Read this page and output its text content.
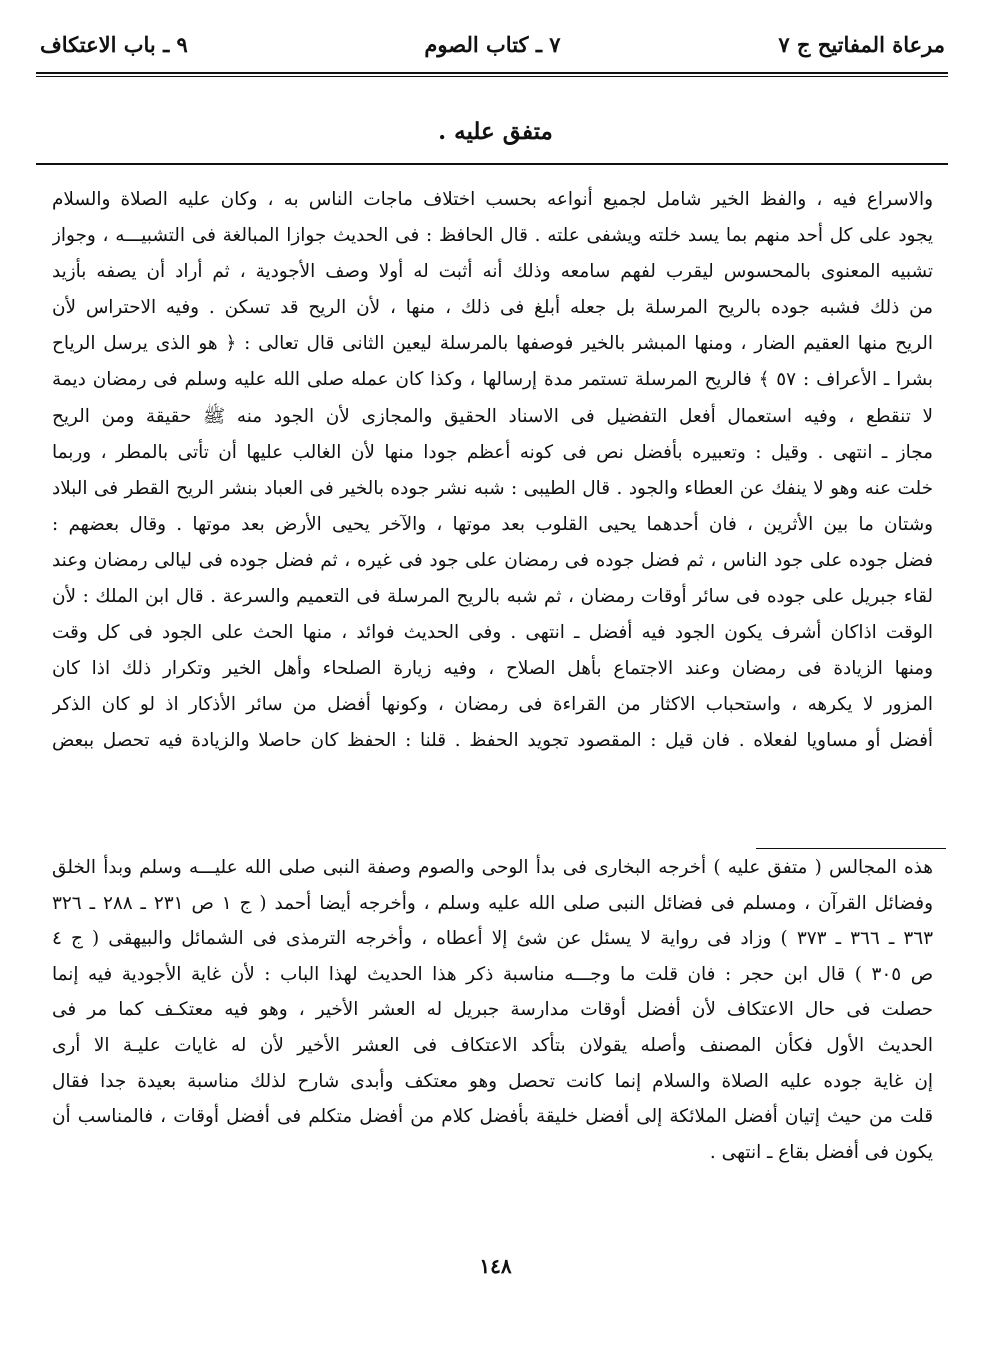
مرعاة المفاتيح ج ٧
٧ ـ كتاب الصوم
٩ ـ باب الاعتكاف
متفق عليه .
والاسراع فيه ، والفظ الخير شامل لجميع أنواعه بحسب اختلاف ماجات الناس به ، وكان عليه الصلاة والسلام
يجود على كل أحد منهم بما يسد خلته ويشفى علته . قال الحافظ : فى الحديث جوازا المبالغة فى التشبيـــه ، وجواز
تشبيه المعنوى بالمحسوس ليقرب لفهم سامعه وذلك أنه أثبت له أولا وصف الأجودية ، ثم أراد أن يصفه بأزيد
من ذلك فشبه جوده بالريح المرسلة بل جعله أبلغ فى ذلك ، منها ، لأن الريح قد تسكن . وفيه الاحتراس لأن
الريح منها العقيم الضار ، ومنها المبشر بالخير فوصفها بالمرسلة ليعين الثانى قال تعالى : ﴿ هو الذى يرسل الرياح
بشرا ـ الأعراف : ٥٧ ﴾ فالريح المرسلة تستمر مدة إرسالها ، وكذا كان عمله صلى الله عليه وسلم فى رمضان ديمة
لا تنقطع ، وفيه استعمال أفعل التفضيل فى الاسناد الحقيق والمجازى لأن الجود منه ﷺ حقيقة ومن الريح
مجاز ـ انتهى . وقيل : وتعبيره بأفضل نص فى كونه أعظم جودا منها لأن الغالب عليها أن تأتى بالمطر ، وربما
خلت عنه وهو لا ينفك عن العطاء والجود . قال الطيبى : شبه نشر جوده بالخير فى العباد بنشر الريح القطر فى البلاد
وشتان ما بين الأثرين ، فان أحدهما يحيى القلوب بعد موتها ، والآخر يحيى الأرض بعد موتها . وقال بعضهم :
فضل جوده على جود الناس ، ثم فضل جوده فى رمضان على جود فى غيره ، ثم فضل جوده فى ليالى رمضان وعند
لقاء جبريل على جوده فى سائر أوقات رمضان ، ثم شبه بالريح المرسلة فى التعميم والسرعة . قال ابن الملك : لأن
الوقت اذاكان أشرف يكون الجود فيه أفضل ـ انتهى . وفى الحديث فوائد ، منها الحث على الجود فى كل وقت
ومنها الزيادة فى رمضان وعند الاجتماع بأهل الصلاح ، وفيه زيارة الصلحاء وأهل الخير وتكرار ذلك اذا كان
المزور لا يكرهه ، واستحباب الاكثار من القراءة فى رمضان ، وكونها أفضل من سائر الأذكار اذ لو كان الذكر
أفضل أو مساويا لفعلاه . فان قيل : المقصود تجويد الحفظ . قلنا : الحفظ كان حاصلا والزيادة فيه تحصل ببعض
هذه المجالس ( متفق عليه ) أخرجه البخارى فى بدأ الوحى والصوم وصفة النبى صلى الله عليـــه وسلم وبدأ الخلق
وفضائل القرآن ، ومسلم فى فضائل النبى صلى الله عليه وسلم ، وأخرجه أيضا أحمد ( ج ١ ص ٢٣١ ـ ٢٨٨ ـ ٣٢٦
٣٦٣ ـ ٣٦٦ ـ ٣٧٣ ) وزاد فى رواية لا يسئل عن شئ إلا أعطاه ، وأخرجه الترمذى فى الشمائل والبيهقى ( ج ٤
ص ٣٠٥ ) قال ابن حجر : فان قلت ما وجـــه مناسبة ذكر هذا الحديث لهذا الباب : لأن غاية الأجودية فيه إنما
حصلت فى حال الاعتكاف لأن أفضل أوقات مدارسة جبريل له العشر الأخير ، وهو فيه معتكـف كما مر فى
الحديث الأول فكأن المصنف وأصله يقولان بتأكد الاعتكاف فى العشر الأخير لأن له غايات عليـة الا أرى
إن غاية جوده عليه الصلاة والسلام إنما كانت تحصل وهو معتكف وأبدى شارح لذلك مناسبة بعيدة جدا فقال
قلت من حيث إتيان أفضل الملائكة إلى أفضل خليقة بأفضل كلام من أفضل متكلم فى أفضل أوقات ، فالمناسب أن
يكون فى أفضل بقاع ـ انتهى .
١٤٨
